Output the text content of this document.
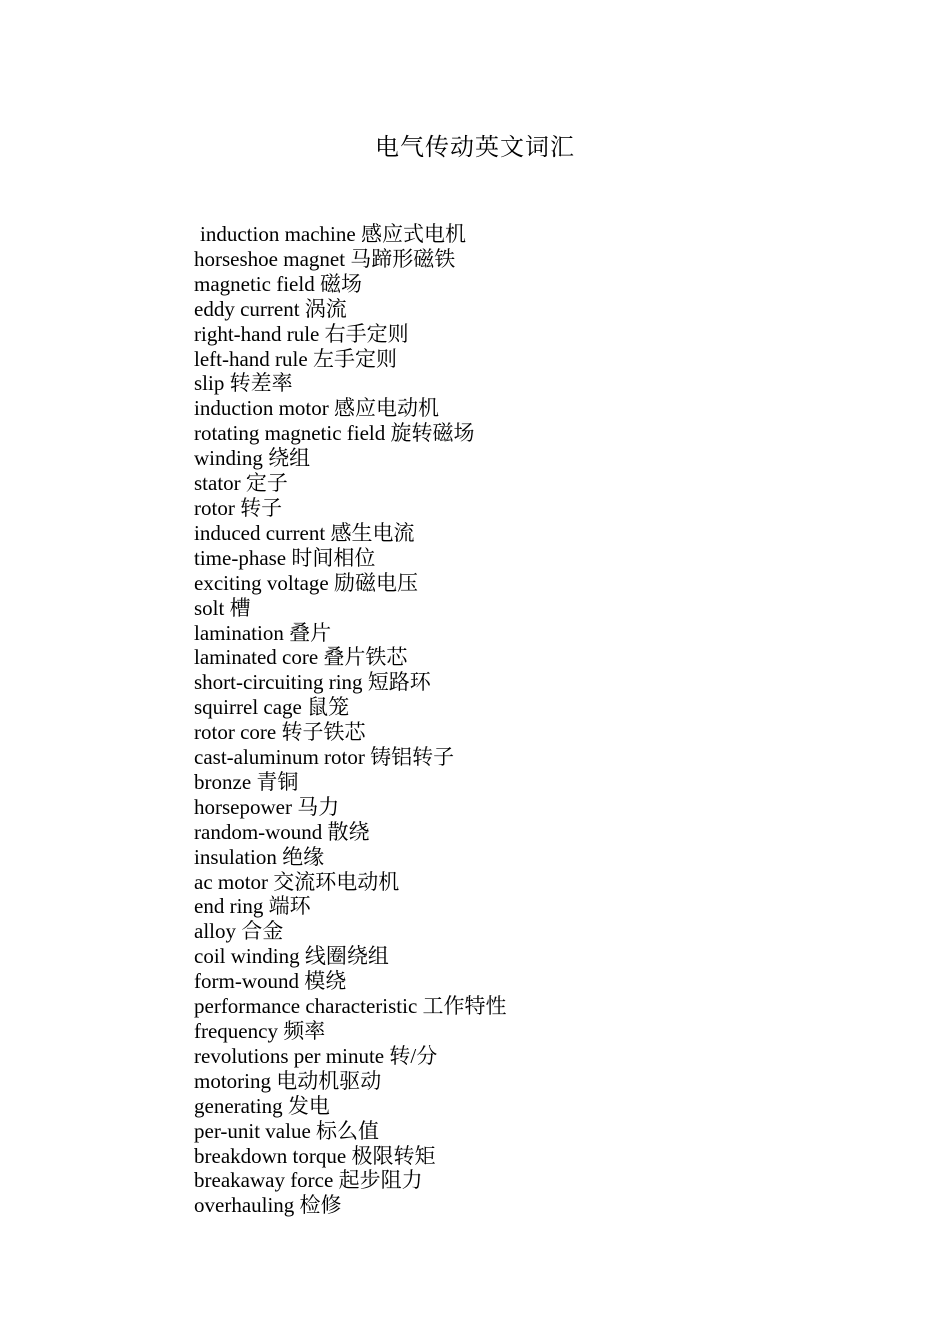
电气传动英文词汇
induction machine 感应式电机
horseshoe magnet 马蹄形磁铁
magnetic field 磁场
eddy current 涡流
right-hand rule 右手定则
left-hand rule 左手定则
slip 转差率
induction motor 感应电动机
rotating magnetic field 旋转磁场
winding 绕组
stator 定子
rotor 转子
induced current 感生电流
time-phase 时间相位
exciting voltage 励磁电压
solt 槽
lamination 叠片
laminated core 叠片铁芯
short-circuiting ring 短路环
squirrel cage 鼠笼
rotor core 转子铁芯
cast-aluminum rotor 铸铝转子
bronze 青铜
horsepower 马力
random-wound 散绕
insulation 绝缘
ac motor 交流环电动机
end ring 端环
alloy 合金
coil winding 线圈绕组
form-wound 模绕
performance characteristic 工作特性
frequency 频率
revolutions per minute 转/分
motoring 电动机驱动
generating 发电
per-unit value 标么值
breakdown torque 极限转矩
breakaway force 起步阻力
overhauling 检修
